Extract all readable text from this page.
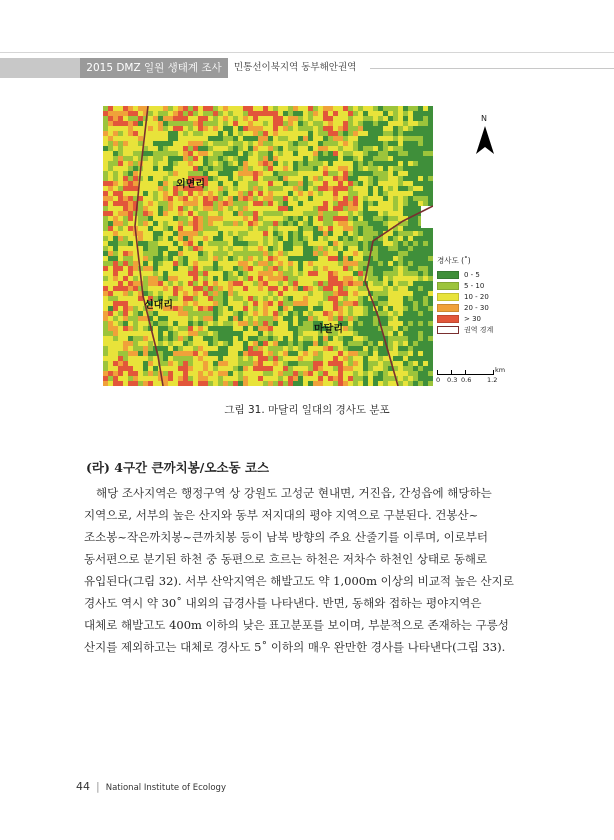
2015 DMZ 일원 생태계 조사	민통선이북지역 동부해안권역
외면리
신대리
마달리
N
경사도 (˚)
0 - 5
5 - 10
10 - 20
20 - 30
> 30
권역 경계
km
0 0.3 0.6 1.2
그림 31. 마달리 일대의 경사도 분포
(라) 4구간 큰까치봉/오소동 코스
해당 조사지역은 행정구역 상 강원도 고성군 현내면, 거진읍, 간성읍에 해당하는
지역으로, 서부의 높은 산지와 동부 저지대의 평야 지역으로 구분된다. 건봉산~
조소봉~작은까치봉~큰까치봉 등이 남북 방향의 주요 산줄기를 이루며, 이로부터
동서편으로 분기된 하천 중 동편으로 흐르는 하천은 저차수 하천인 상태로 동해로
유입된다(그림 32). 서부 산악지역은 해발고도 약 1,000m 이상의 비교적 높은 산지로
경사도 역시 약 30˚ 내외의 급경사를 나타낸다. 반면, 동해와 접하는 평야지역은
대체로 해발고도 400m 이하의 낮은 표고분포를 보이며, 부분적으로 존재하는 구릉성
산지를 제외하고는 대체로 경사도 5˚ 이하의 매우 완만한 경사를 나타낸다(그림 33).
44 | National Institute of Ecology
